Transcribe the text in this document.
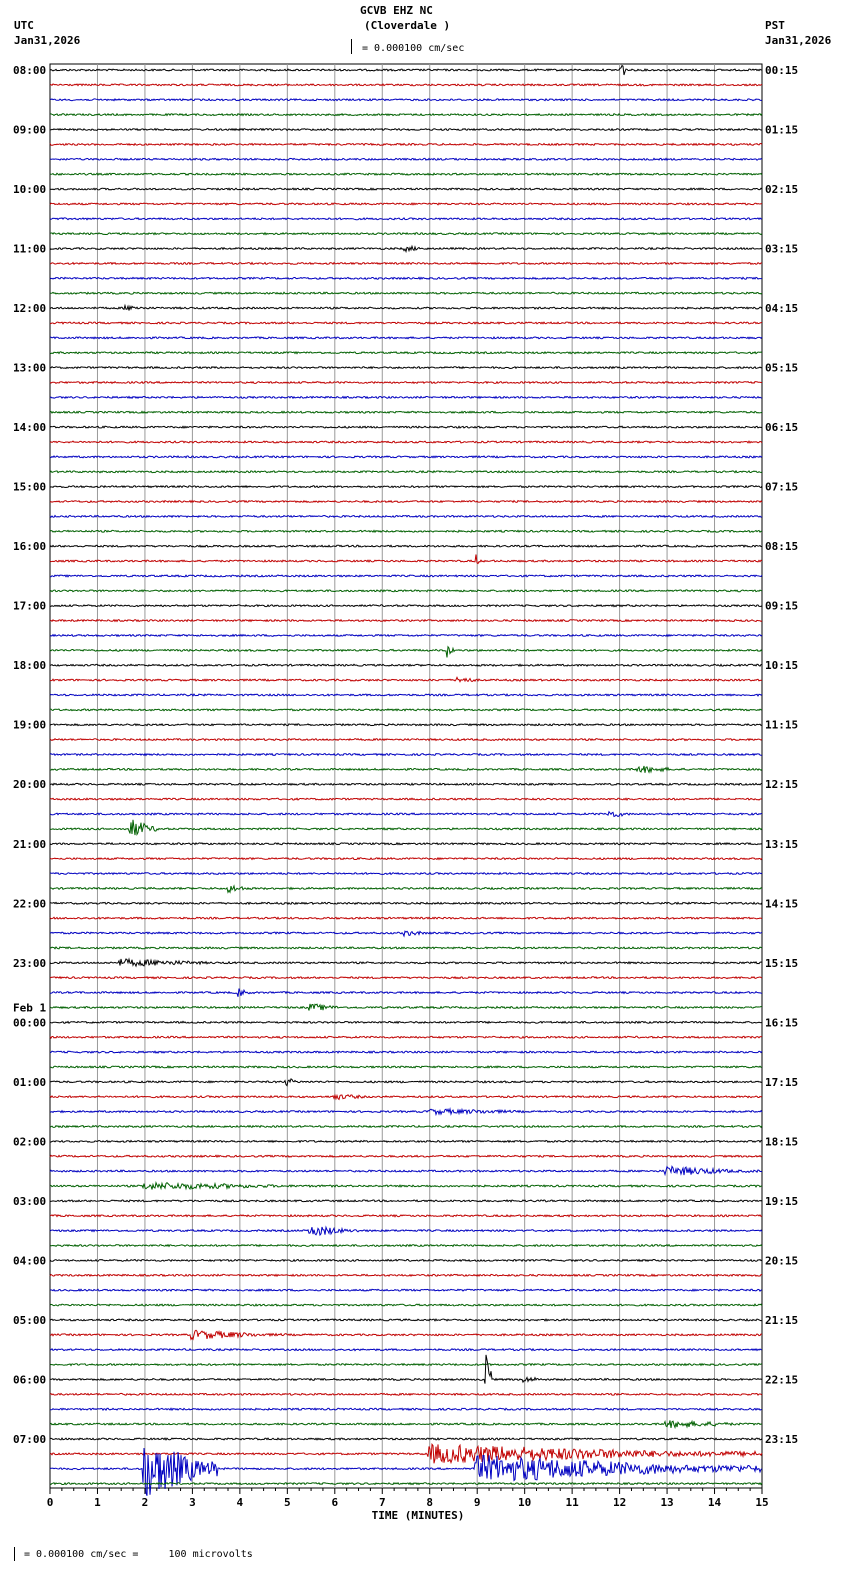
08:00	00:15
09:00	01:15
10:00	02:15
11:00	03:15
12:00	04:15
13:00	05:15
14:00	06:15
15:00	07:15
16:00	08:15
17:00	09:15
18:00	10:15
19:00	11:15
20:00	12:15
21:00	13:15
22:00	14:15
23:00	15:15
00:00	16:15
Feb 1
01:00	17:15
02:00	18:15
03:00	19:15
04:00	20:15
05:00	21:15
06:00	22:15
07:00	23:15
0	1	2	3	4	5	6	7	8	9	10	11	12	13	14	15
TIME (MINUTES)
GCVB EHZ NC
(Cloverdale )
UTC
Jan31,2026
PST
Jan31,2026
= 0.000100 cm/sec
= 0.000100 cm/sec =     100 microvolts
